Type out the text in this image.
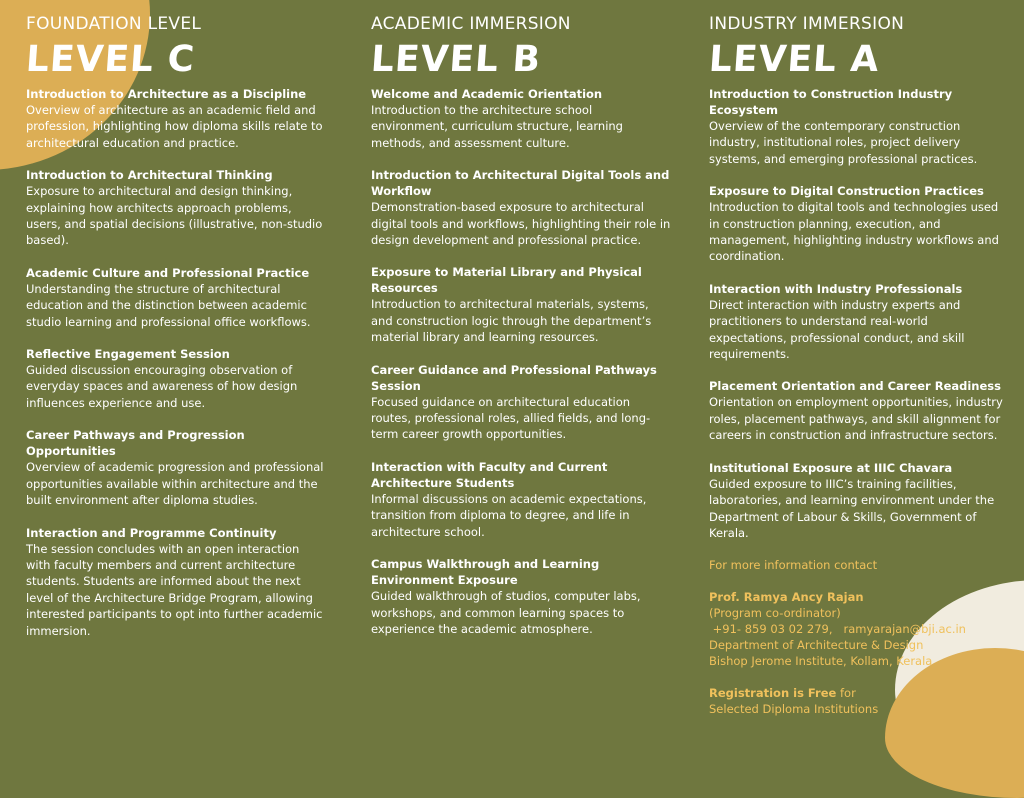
FOUNDATION LEVEL
LEVEL C

Introduction to Architecture as a Discipline

Overview of architecture as an academic field and profession, highlighting how diploma skills relate to architectural education and practice.

Introduction to Architectural Thinking

Exposure to architectural and design thinking, explaining how architects approach problems, users, and spatial decisions (illustrative, non-studio based).

Academic Culture and Professional Practice

Understanding the structure of architectural education and the distinction between academic studio learning and professional office workflows.

Reflective Engagement Session

Guided discussion encouraging observation of everyday spaces and awareness of how design influences experience and use.

Career Pathways and Progression Opportunities

Overview of academic progression and professional opportunities available within architecture and the built environment after diploma studies.

Interaction and Programme Continuity

The session concludes with an open interaction with faculty members and current architecture students. Students are informed about the next level of the Architecture Bridge Program, allowing interested participants to opt into further academic immersion.

ACADEMIC IMMERSION
LEVEL B

Welcome and Academic Orientation

Introduction to the architecture school environment, curriculum structure, learning methods, and assessment culture.

Introduction to Architectural Digital Tools and Workflow

Demonstration-based exposure to architectural digital tools and workflows, highlighting their role in design development and professional practice.

Exposure to Material Library and Physical Resources

Introduction to architectural materials, systems, and construction logic through the department’s material library and learning resources.

Career Guidance and Professional Pathways Session

Focused guidance on architectural education routes, professional roles, allied fields, and long-term career growth opportunities.

Interaction with Faculty and Current Architecture Students

Informal discussions on academic expectations, transition from diploma to degree, and life in architecture school.

Campus Walkthrough and Learning Environment Exposure

Guided walkthrough of studios, computer labs, workshops, and common learning spaces to experience the academic atmosphere.

INDUSTRY IMMERSION
LEVEL A

Introduction to Construction Industry Ecosystem

Overview of the contemporary construction industry, institutional roles, project delivery systems, and emerging professional practices.

Exposure to Digital Construction Practices

Introduction to digital tools and technologies used in construction planning, execution, and management, highlighting industry workflows and coordination.

Interaction with Industry Professionals

Direct interaction with industry experts and practitioners to understand real-world expectations, professional conduct, and skill requirements.

Placement Orientation and Career Readiness

Orientation on employment opportunities, industry roles, placement pathways, and skill alignment for careers in construction and infrastructure sectors.

Institutional Exposure at IIIC Chavara

Guided exposure to IIIC’s training facilities, laboratories, and learning environment under the Department of Labour & Skills, Government of Kerala.

For more information contact

Prof. Ramya Ancy Rajan

(Program co-ordinator)

+91- 859 03 02 279,   ramyarajan@bji.ac.in

Department of Architecture & Design

Bishop Jerome Institute, Kollam, Kerala

Registration is Free for

Selected Diploma Institutions
